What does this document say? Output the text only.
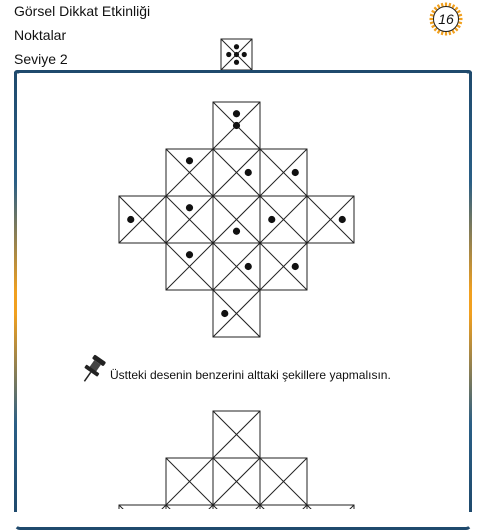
Görsel Dikkat Etkinliği
Noktalar
Seviye 2
16
Üstteki desenin benzerini alttaki şekillere yapmalısın.
